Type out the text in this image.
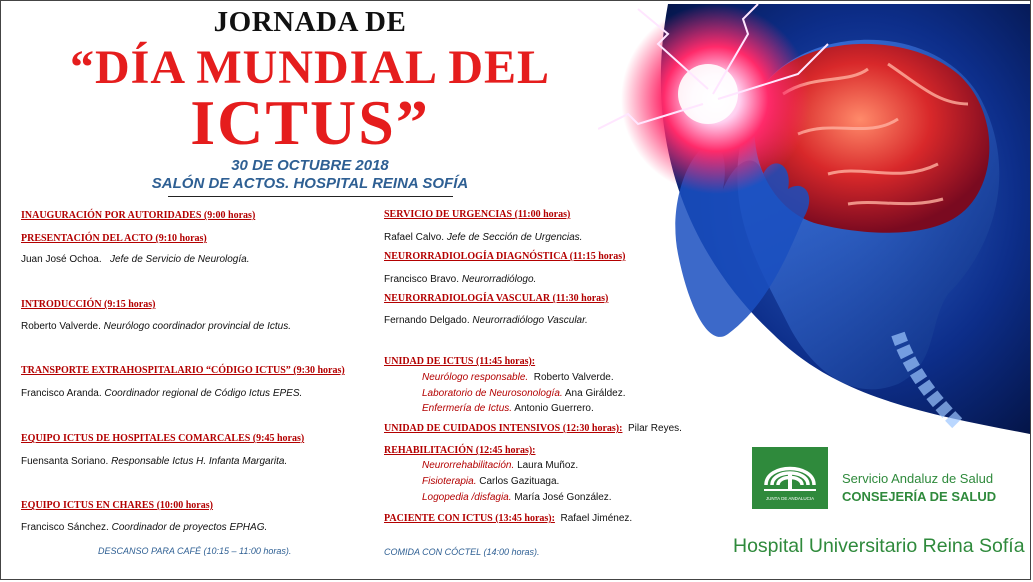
JORNADA DE
“DÍA MUNDIAL DEL
ICTUS”
30 DE OCTUBRE 2018
SALÓN DE ACTOS. HOSPITAL REINA SOFÍA
INAUGURACIÓN POR AUTORIDADES (9:00 horas)
PRESENTACIÓN DEL ACTO (9:10 horas)
Juan José Ochoa. Jefe de Servicio de Neurología.
INTRODUCCIÓN (9:15 horas)
Roberto Valverde. Neurólogo coordinador provincial de Ictus.
TRANSPORTE EXTRAHOSPITALARIO “CÓDIGO ICTUS” (9:30 horas)
Francisco Aranda. Coordinador regional de Código Ictus EPES.
EQUIPO ICTUS DE HOSPITALES COMARCALES (9:45 horas)
Fuensanta Soriano. Responsable Ictus H. Infanta Margarita.
EQUIPO ICTUS EN CHARES (10:00 horas)
Francisco Sánchez. Coordinador de proyectos EPHAG.
DESCANSO PARA CAFÉ (10:15 – 11:00 horas).
SERVICIO DE URGENCIAS (11:00 horas)
Rafael Calvo. Jefe de Sección de Urgencias.
NEURORRADIOLOGÍA DIAGNÓSTICA (11:15 horas)
Francisco Bravo. Neurorradiólogo.
NEURORRADIOLOGÍA VASCULAR (11:30 horas)
Fernando Delgado. Neurorradiólogo Vascular.
UNIDAD DE ICTUS (11:45 horas):
Neurólogo responsable. Roberto Valverde.
Laboratorio de Neurosonología. Ana Giráldez.
Enfermería de Ictus. Antonio Guerrero.
UNIDAD DE CUIDADOS INTENSIVOS (12:30 horas): Pilar Reyes.
REHABILITACIÓN (12:45 horas):
Neurorrehabilitación. Laura Muñoz.
Fisioterapia. Carlos Gazituaga.
Logopedia /disfagia. María José González.
PACIENTE CON ICTUS (13:45 horas): Rafael Jiménez.
COMIDA CON CÓCTEL (14:00 horas).
JUNTA DE ANDALUCIA
Servicio Andaluz de Salud
CONSEJERÍA DE SALUD
Hospital Universitario Reina Sofía
